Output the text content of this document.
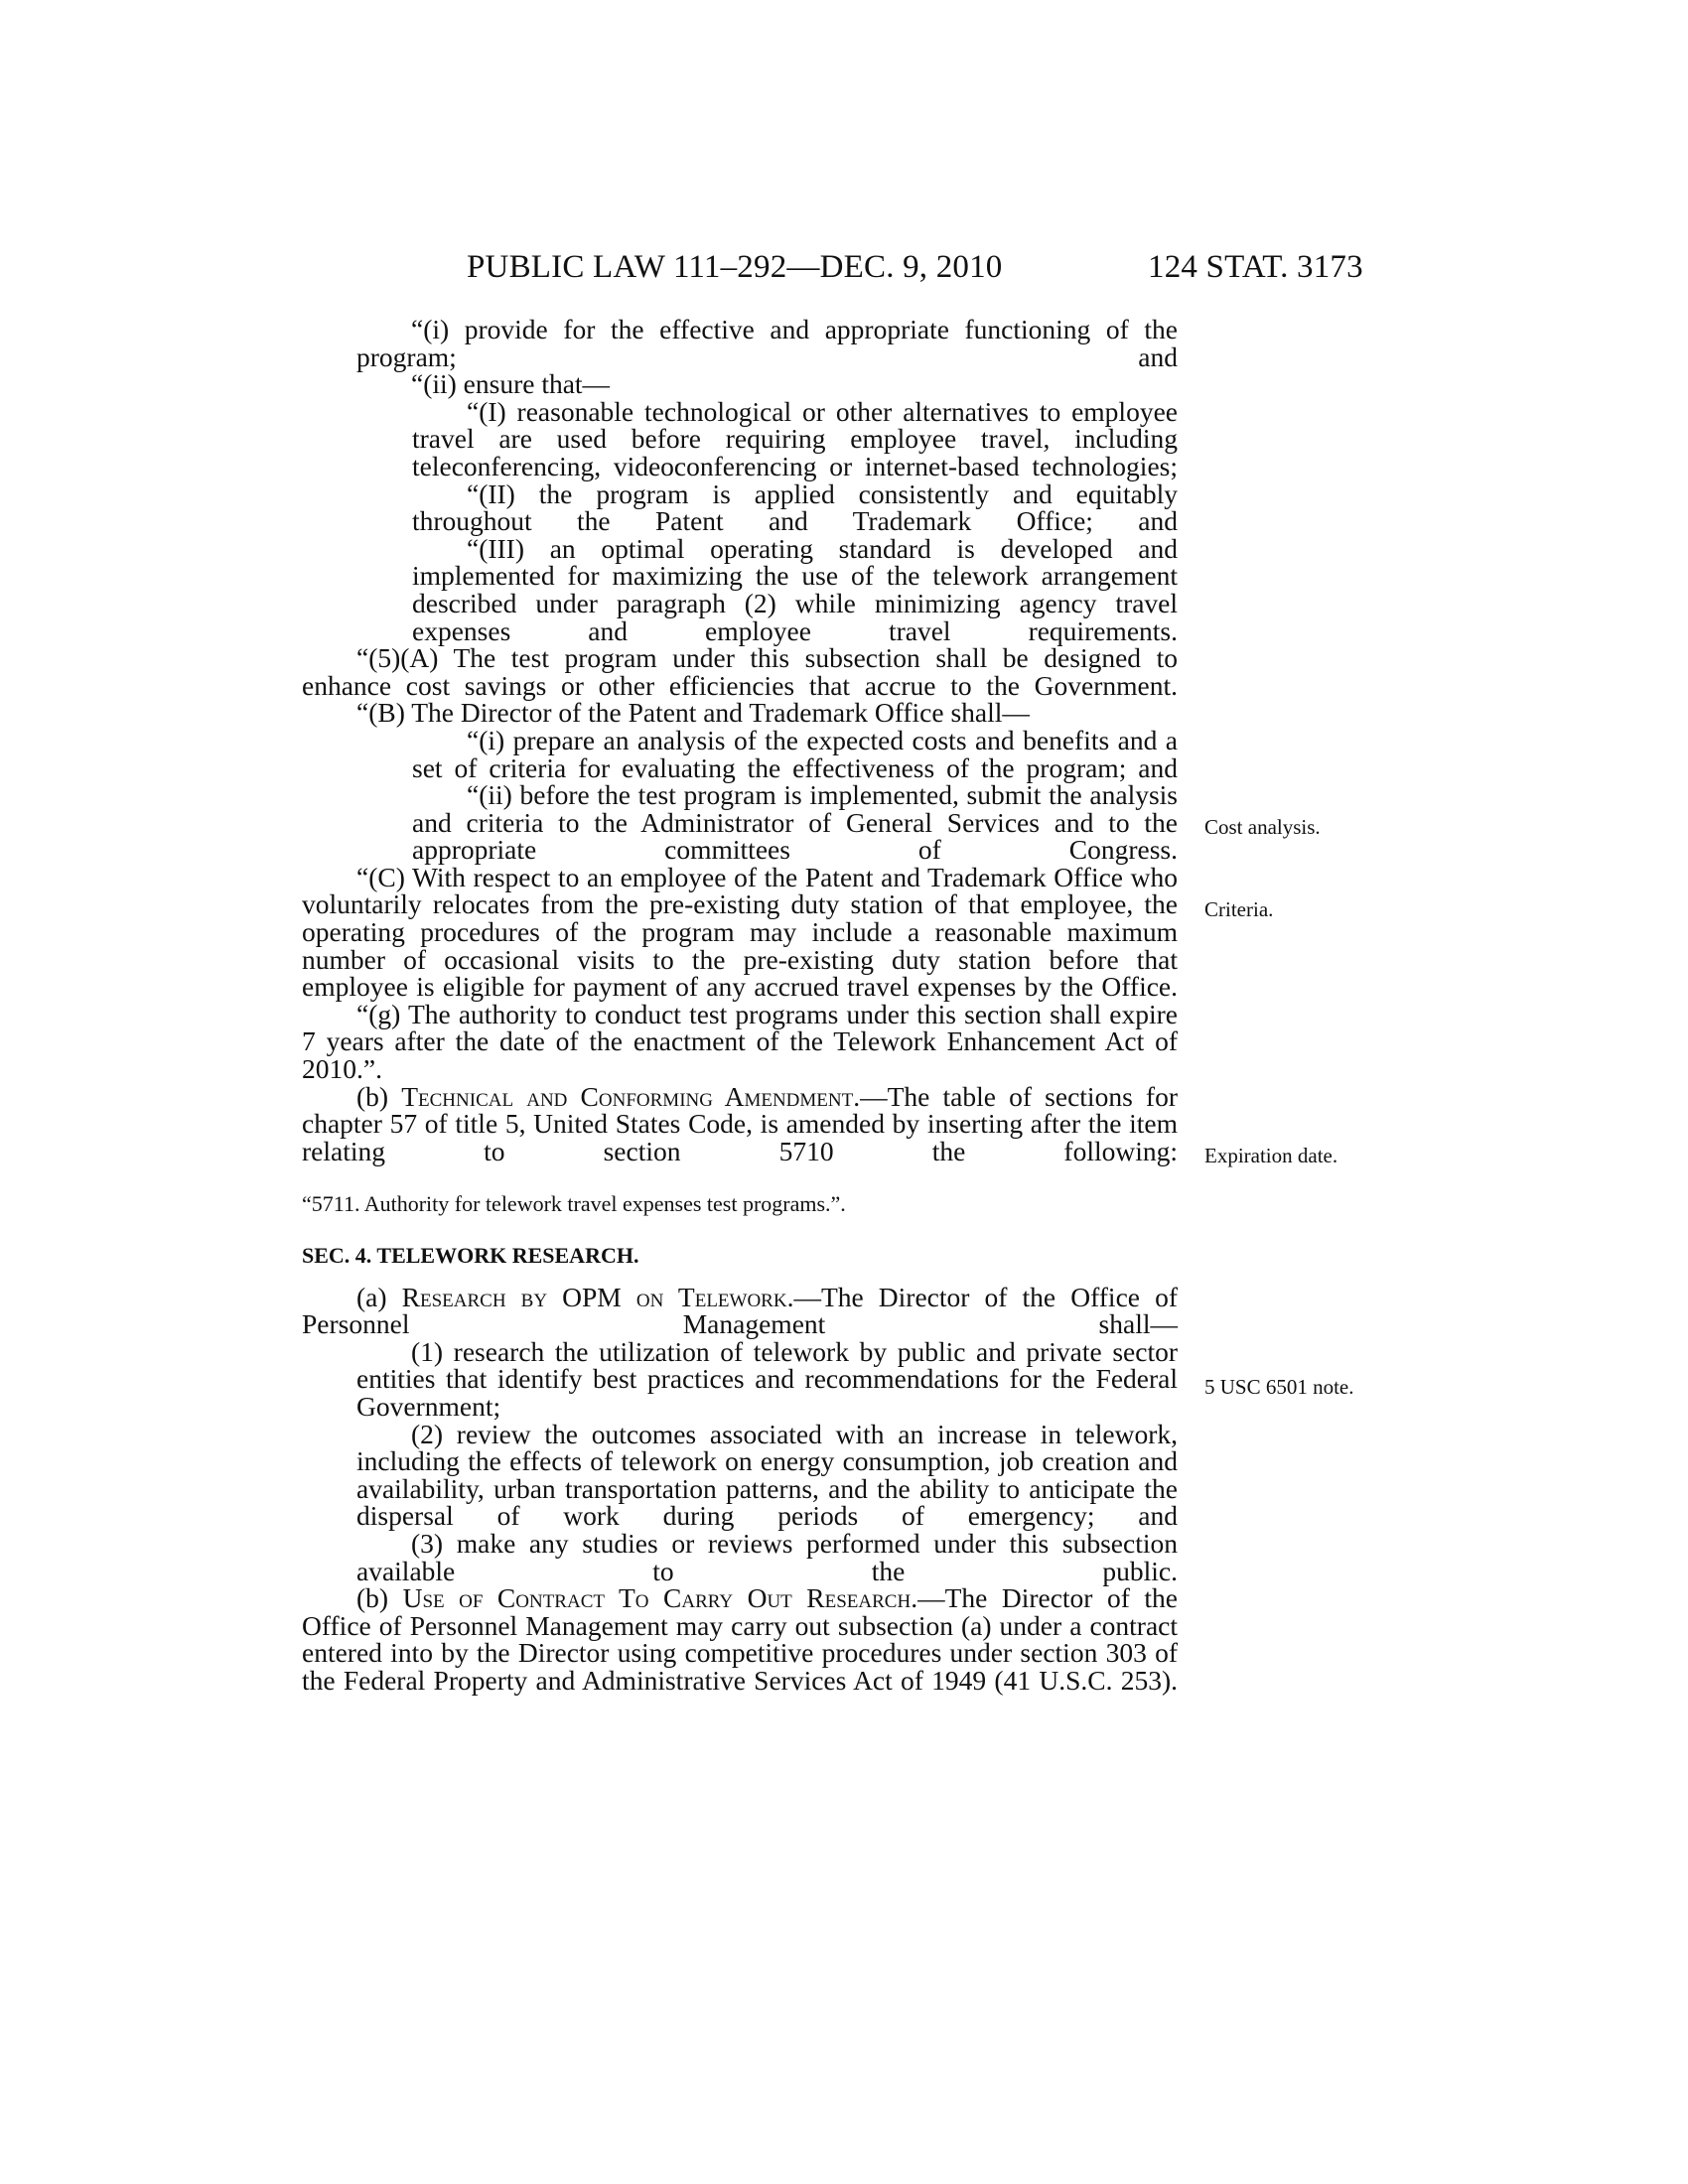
PUBLIC LAW 111–292—DEC. 9, 2010	124 STAT. 3173

“(i) provide for the effective and appropriate functioning of the program; and

“(ii) ensure that—

“(I) reasonable technological or other alternatives to employee travel are used before requiring employee travel, including teleconferencing, videoconferencing or internet-based technologies;

“(II) the program is applied consistently and equitably throughout the Patent and Trademark Office; and

“(III) an optimal operating standard is developed and implemented for maximizing the use of the telework arrangement described under paragraph (2) while minimizing agency travel expenses and employee travel requirements.

“(5)(A) The test program under this subsection shall be designed to enhance cost savings or other efficiencies that accrue to the Government.

“(B) The Director of the Patent and Trademark Office shall—

“(i) prepare an analysis of the expected costs and benefits and a set of criteria for evaluating the effectiveness of the program; and

“(ii) before the test program is implemented, submit the analysis and criteria to the Administrator of General Services and to the appropriate committees of Congress.

“(C) With respect to an employee of the Patent and Trademark Office who voluntarily relocates from the pre-existing duty station of that employee, the operating procedures of the program may include a reasonable maximum number of occasional visits to the pre-existing duty station before that employee is eligible for payment of any accrued travel expenses by the Office.

“(g) The authority to conduct test programs under this section shall expire 7 years after the date of the enactment of the Telework Enhancement Act of 2010.”.

(b) Technical and Conforming Amendment.—The table of sections for chapter 57 of title 5, United States Code, is amended by inserting after the item relating to section 5710 the following:

“5711. Authority for telework travel expenses test programs.”.

SEC. 4. TELEWORK RESEARCH.

(a) Research by OPM on Telework.—The Director of the Office of Personnel Management shall—

(1) research the utilization of telework by public and private sector entities that identify best practices and recommendations for the Federal Government;

(2) review the outcomes associated with an increase in telework, including the effects of telework on energy consumption, job creation and availability, urban transportation patterns, and the ability to anticipate the dispersal of work during periods of emergency; and

(3) make any studies or reviews performed under this subsection available to the public.

(b) Use of Contract To Carry Out Research.—The Director of the Office of Personnel Management may carry out subsection (a) under a contract entered into by the Director using competitive procedures under section 303 of the Federal Property and Administrative Services Act of 1949 (41 U.S.C. 253).

Cost analysis.
Criteria.
Expiration date.
5 USC 6501 note.
